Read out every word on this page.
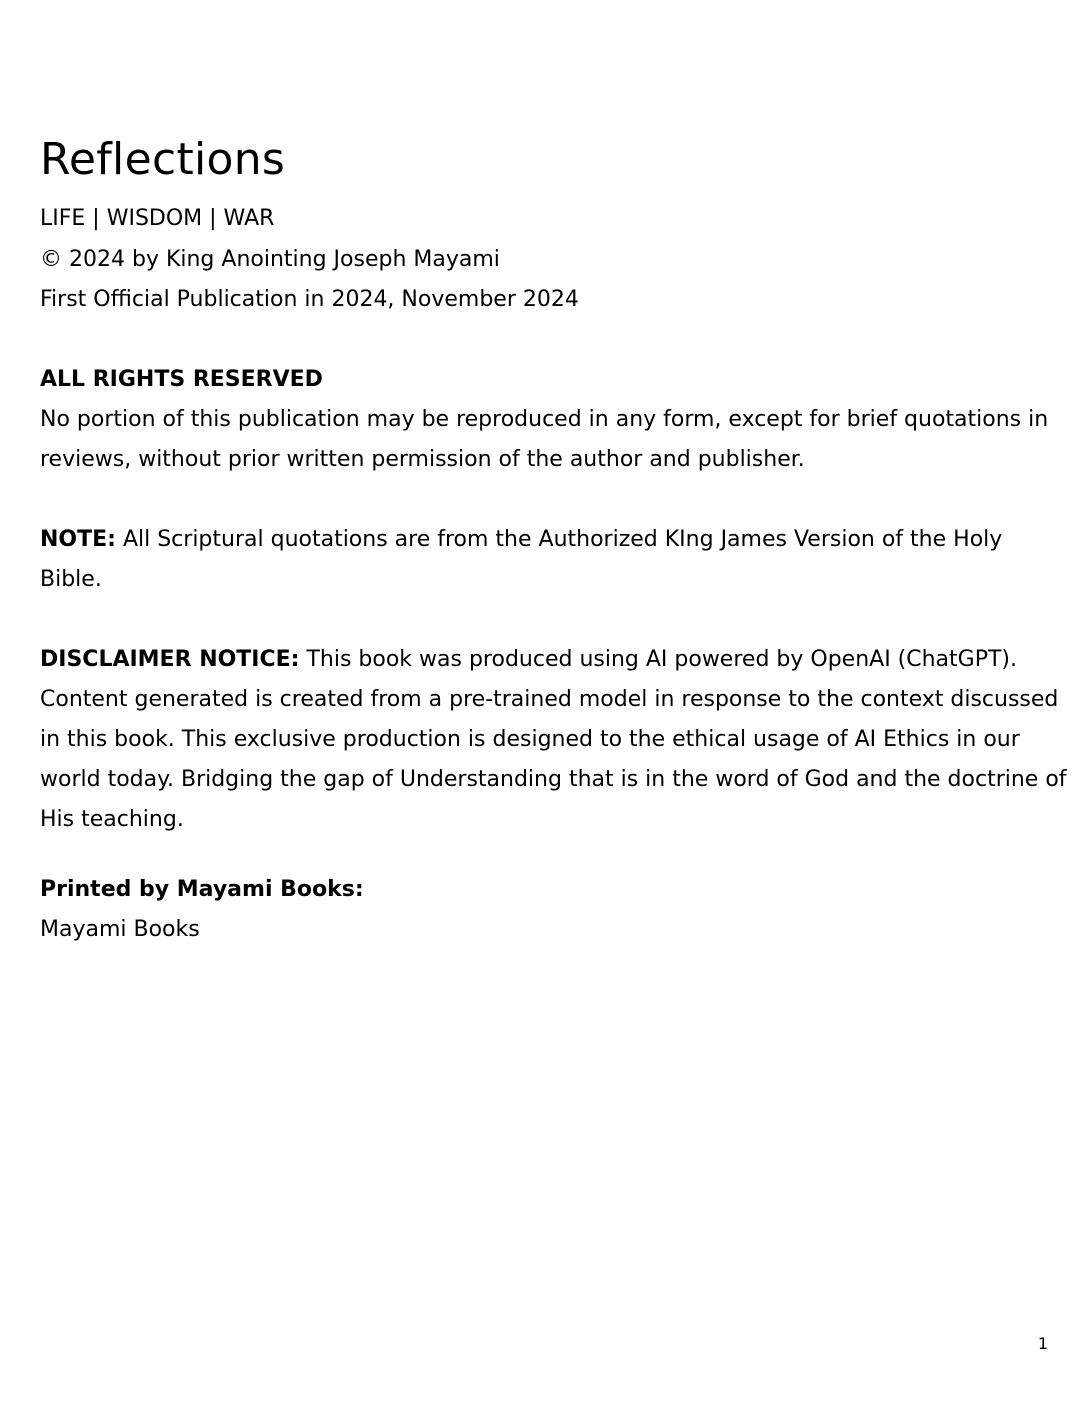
Reflections

LIFE | WISDOM | WAR

© 2024 by King Anointing Joseph Mayami

First Official Publication in 2024, November 2024

ALL RIGHTS RESERVED

No portion of this publication may be reproduced in any form, except for brief quotations in reviews, without prior written permission of the author and publisher.

NOTE: All Scriptural quotations are from the Authorized KIng James Version of the Holy Bible.

DISCLAIMER NOTICE: This book was produced using AI powered by OpenAI (ChatGPT). Content generated is created from a pre-trained model in response to the context discussed in this book. This exclusive production is designed to the ethical usage of AI Ethics in our world today. Bridging the gap of Understanding that is in the word of God and the doctrine of His teaching.

Printed by Mayami Books:

Mayami Books

1
